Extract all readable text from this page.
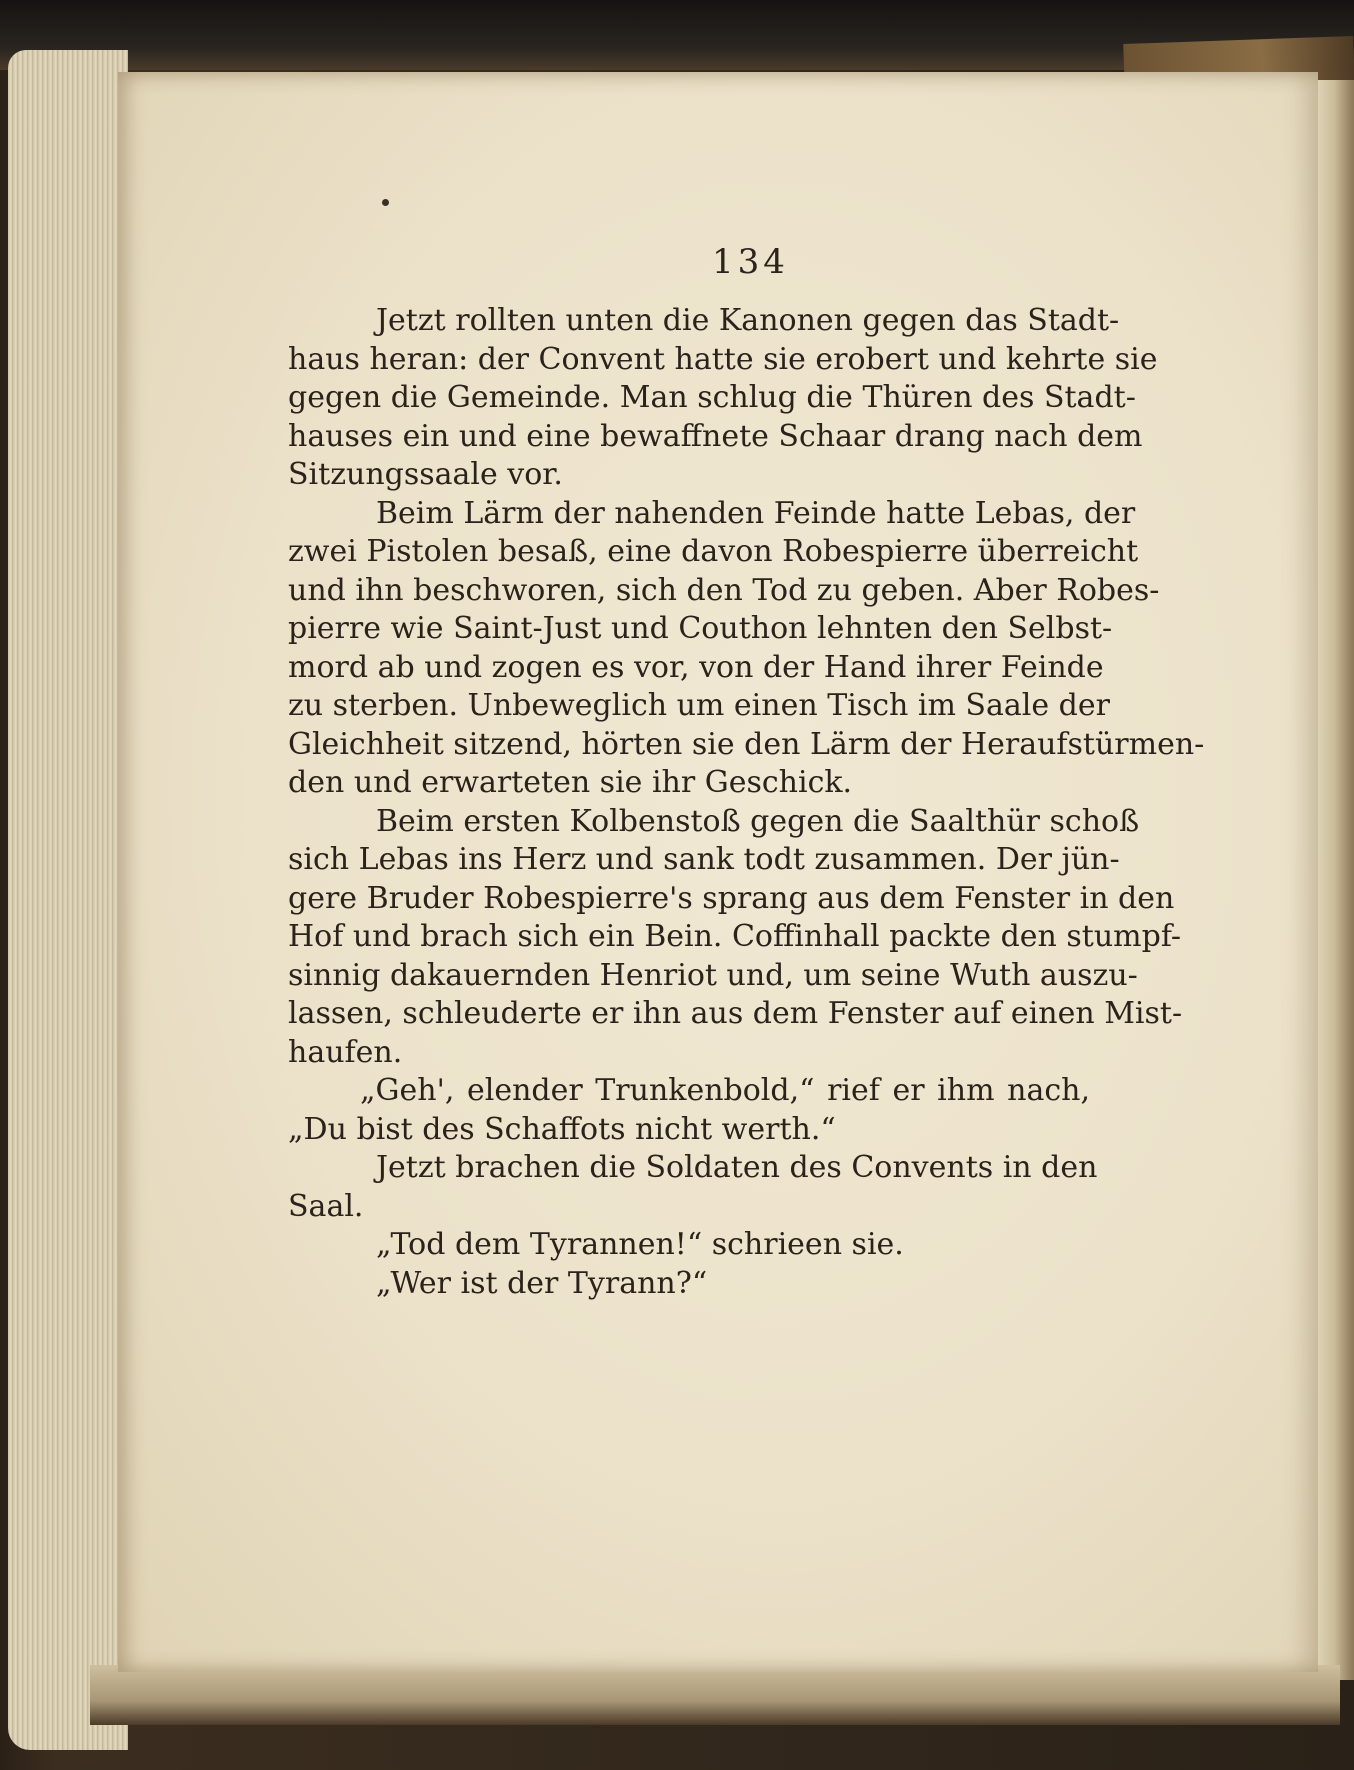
134
Jetzt rollten unten die Kanonen gegen das Stadt-
haus heran: der Convent hatte sie erobert und kehrte sie
gegen die Gemeinde. Man schlug die Thüren des Stadt-
hauses ein und eine bewaffnete Schaar drang nach dem
Sitzungssaale vor.
Beim Lärm der nahenden Feinde hatte Lebas, der
zwei Pistolen besaß, eine davon Robespierre überreicht
und ihn beschworen, sich den Tod zu geben. Aber Robes-
pierre wie Saint-Just und Couthon lehnten den Selbst-
mord ab und zogen es vor, von der Hand ihrer Feinde
zu sterben. Unbeweglich um einen Tisch im Saale der
Gleichheit sitzend, hörten sie den Lärm der Heraufstürmen-
den und erwarteten sie ihr Geschick.
Beim ersten Kolbenstoß gegen die Saalthür schoß
sich Lebas ins Herz und sank todt zusammen. Der jün-
gere Bruder Robespierre's sprang aus dem Fenster in den
Hof und brach sich ein Bein. Coffinhall packte den stumpf-
sinnig dakauernden Henriot und, um seine Wuth auszu-
lassen, schleuderte er ihn aus dem Fenster auf einen Mist-
haufen.
„Geh', elender Trunkenbold,“ rief er ihm nach,
„Du bist des Schaffots nicht werth.“
Jetzt brachen die Soldaten des Convents in den
Saal.
„Tod dem Tyrannen!“ schrieen sie.
„Wer ist der Tyrann?“
